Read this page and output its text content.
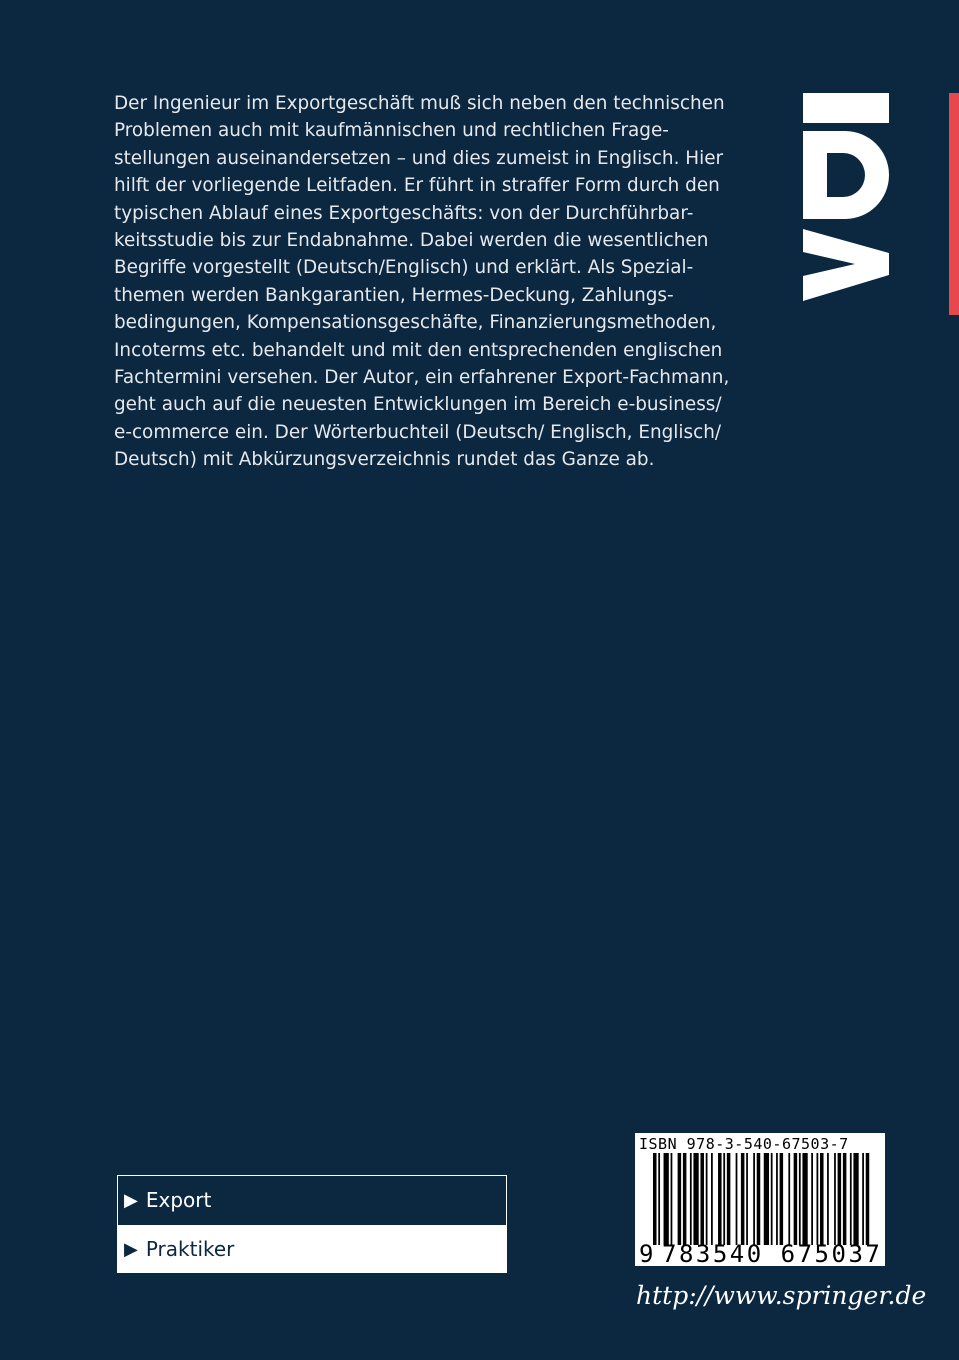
Der Ingenieur im Exportgeschäft muß sich neben den technischen
Problemen auch mit kaufmännischen und rechtlichen Frage-
stellungen auseinandersetzen – und dies zumeist in Englisch. Hier
hilft der vorliegende Leitfaden. Er führt in straffer Form durch den
typischen Ablauf eines Exportgeschäfts: von der Durchführbar-
keitsstudie bis zur Endabnahme. Dabei werden die wesentlichen
Begriffe vorgestellt (Deutsch/Englisch) und erklärt. Als Spezial-
themen werden Bankgarantien, Hermes-Deckung, Zahlungs-
bedingungen, Kompensationsgeschäfte, Finanzierungsmethoden,
Incoterms etc. behandelt und mit den entsprechenden englischen
Fachtermini versehen. Der Autor, ein erfahrener Export-Fachmann,
geht auch auf die neuesten Entwicklungen im Bereich e-business/
e-commerce ein. Der Wörterbuchteil (Deutsch/ Englisch, Englisch/
Deutsch) mit Abkürzungsverzeichnis rundet das Ganze ab.
▶ Export
▶ Praktiker
ISBN 978-3-540-67503-7
9 783540 675037
http://www.springer.de
